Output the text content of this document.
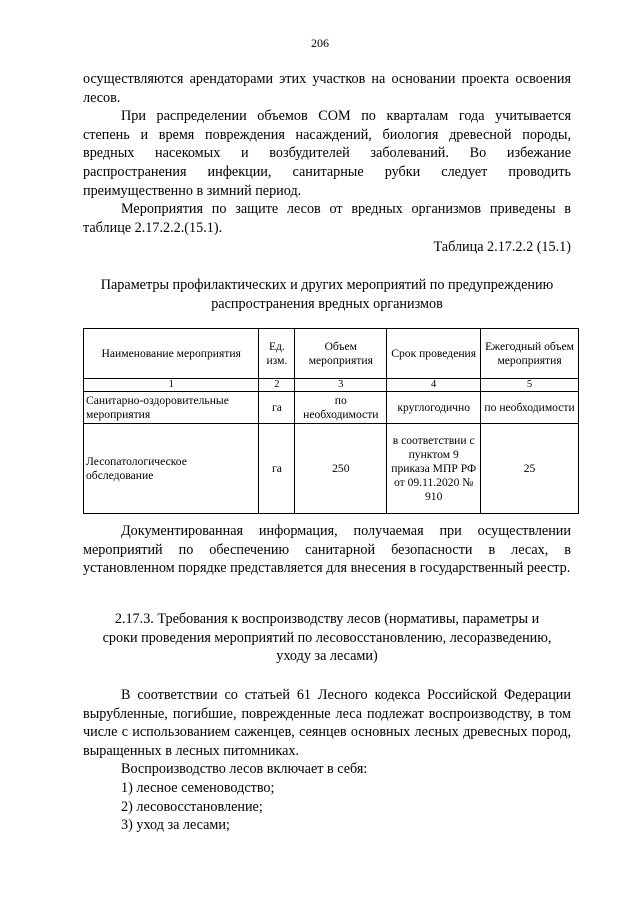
206

осуществляются арендаторами этих участков на основании проекта освоения лесов.

При распределении объемов СОМ по кварталам года учитывается степень и время повреждения насаждений, биология древесной породы, вредных насекомых и возбудителей заболеваний. Во избежание распространения инфекции, санитарные рубки следует проводить преимущественно в зимний период.

Мероприятия по защите лесов от вредных организмов приведены в таблице 2.17.2.2.(15.1).

Таблица 2.17.2.2 (15.1)

Параметры профилактических и других мероприятий по предупреждению

распространения вредных организмов

Наименование мероприятия	Ед. изм.	Объем мероприятия	Срок проведения	Ежегодный объем мероприятия
1	2	3	4	5
Санитарно-оздоровительные мероприятия	га	по необходимости	круглогодично	по необходимости
Лесопатологическое обследование	га	250	в соответствии с пунктом 9 приказа МПР РФ от 09.11.2020 № 910	25

Документированная информация, получаемая при осуществлении мероприятий по обеспечению санитарной безопасности в лесах, в установленном порядке представляется для внесения в государственный реестр.

2.17.3. Требования к воспроизводству лесов (нормативы, параметры и

сроки проведения мероприятий по лесовосстановлению, лесоразведению,

уходу за лесами)

В соответствии со статьей 61 Лесного кодекса Российской Федерации вырубленные, погибшие, поврежденные леса подлежат воспроизводству, в том числе с использованием саженцев, сеянцев основных лесных древесных пород, выращенных в лесных питомниках.

Воспроизводство лесов включает в себя:

1) лесное семеноводство;

2) лесовосстановление;

3) уход за лесами;
